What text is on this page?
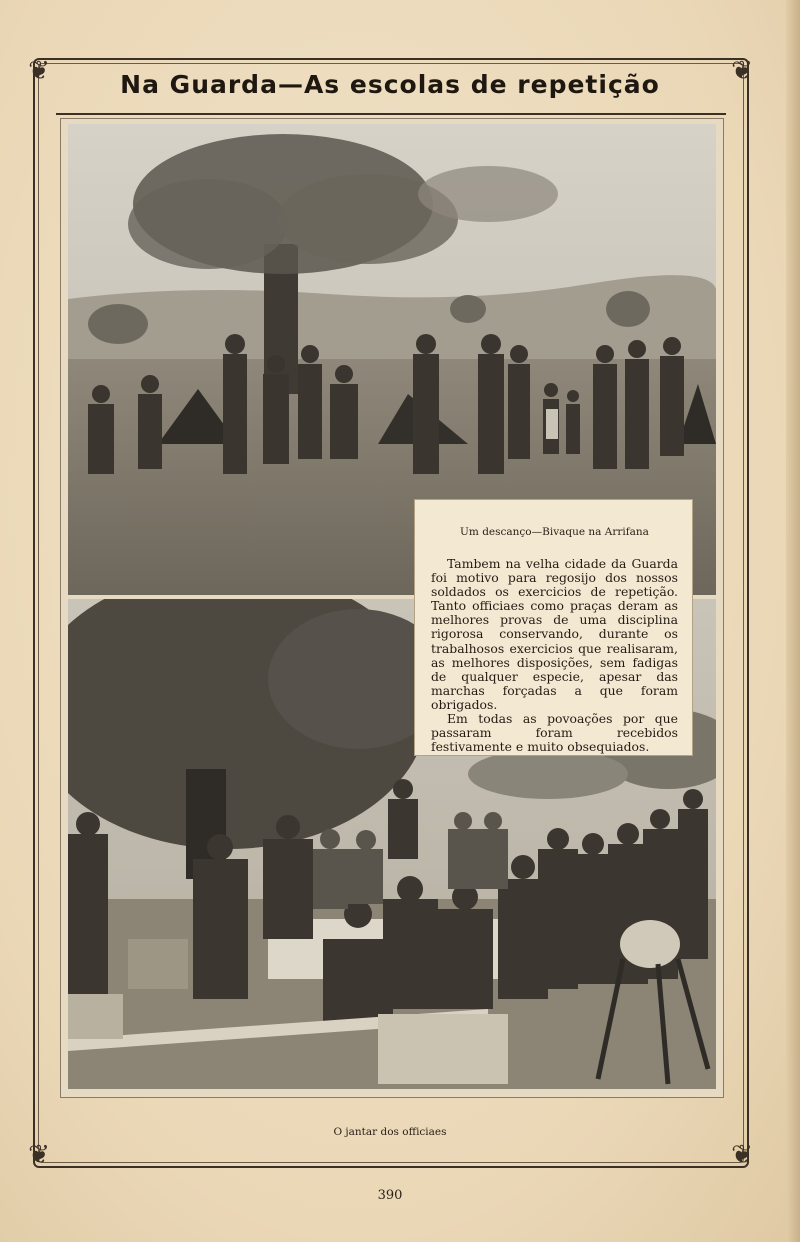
❦	❦
❦	❦
Na Guarda—As escolas de repetição
Um descanço—Bivaque na Arrifana

Tambem na velha cidade da Guarda foi motivo para regosijo dos nossos soldados os exercicios de repetição. Tanto officiaes como praças deram as melhores provas de uma disciplina rigorosa conservando, durante os trabalhosos exercicios que realisaram, as melhores disposições, sem fadigas de qualquer especie, apesar das marchas forçadas a que foram obrigados.

Em todas as povoações por que passaram foram recebidos festivamente e muito obsequiados.

O jantar dos officiaes
390
